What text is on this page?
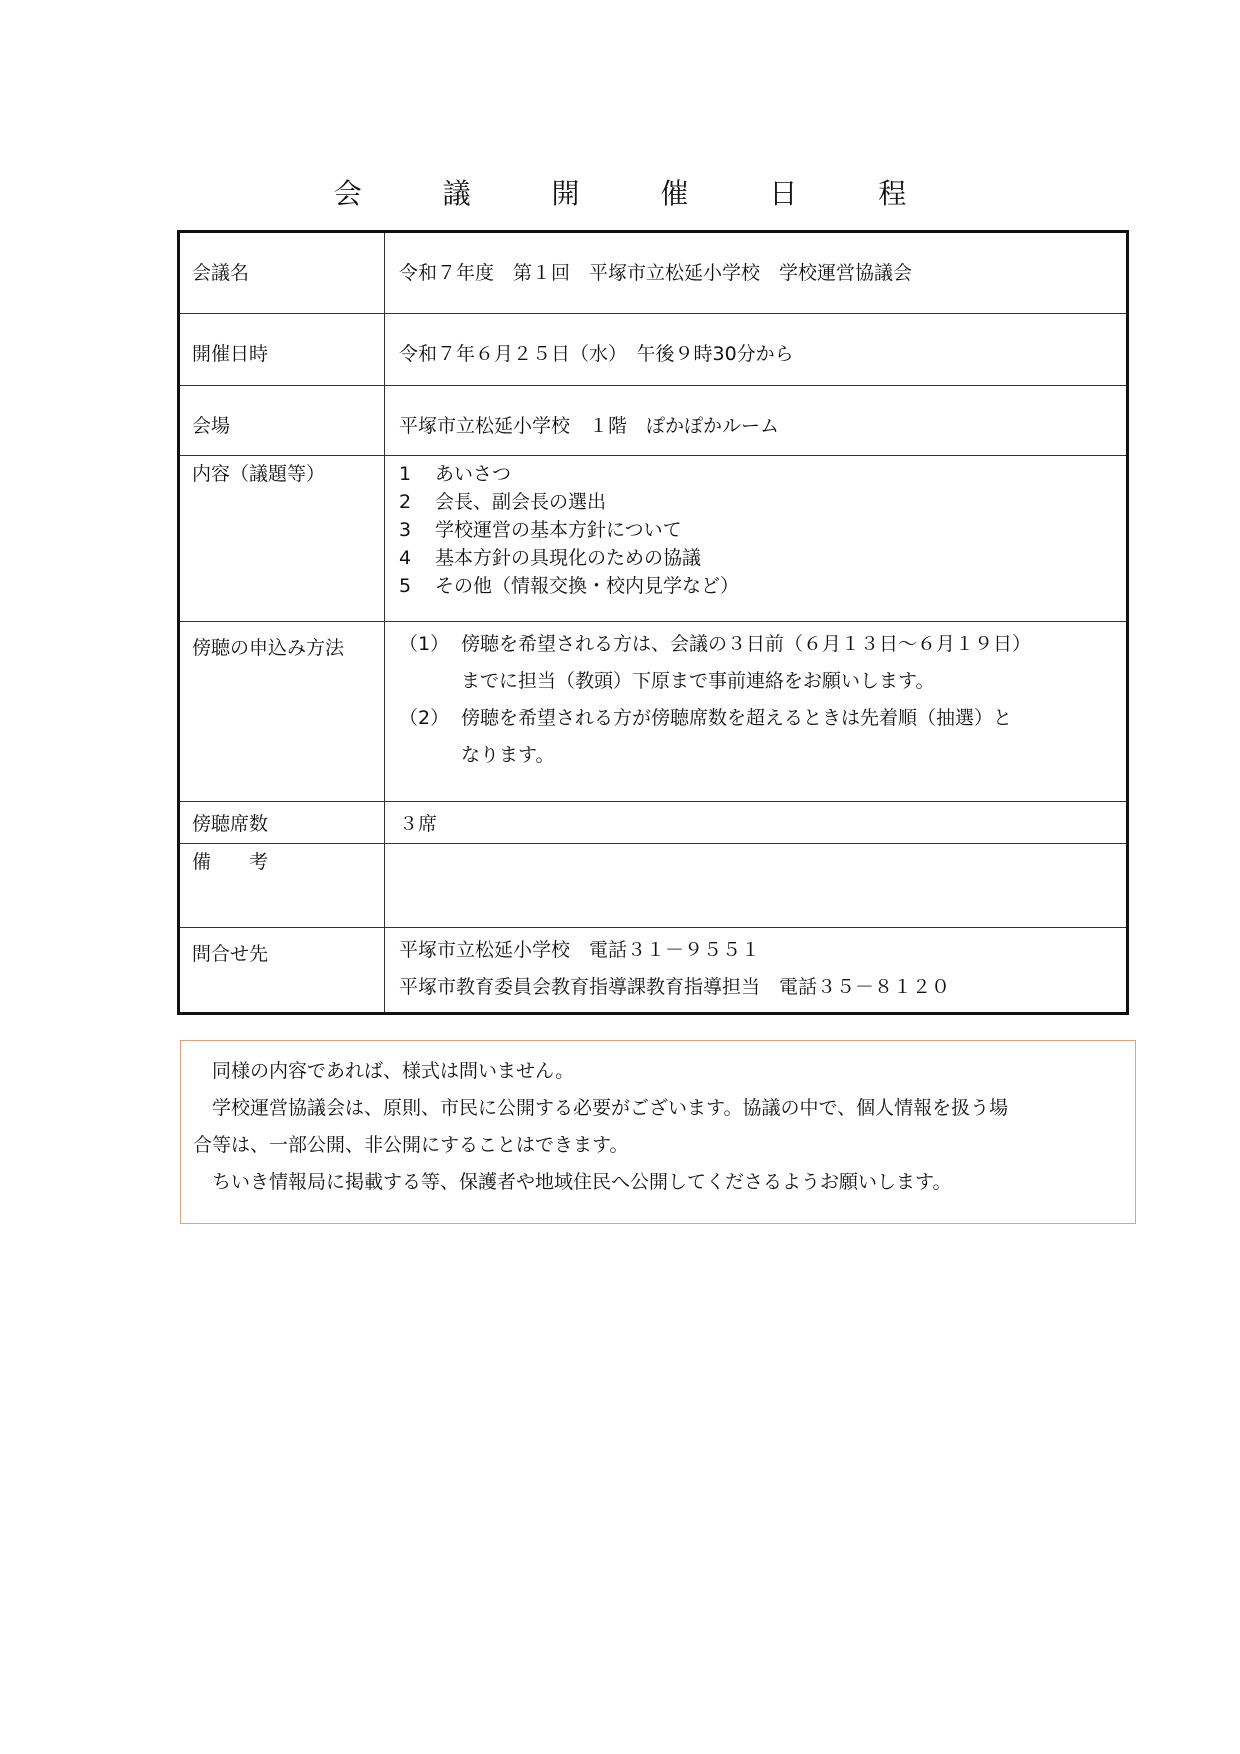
会 議 開 催 日 程
会議名	令和７年度　第１回　平塚市立松延小学校　学校運営協議会
開催日時	令和７年６月２５日（水）　午後９時30分から
会場	平塚市立松延小学校　１階　ぽかぽかルーム
内容（議題等）	1 あいさつ
2 会長、副会長の選出
3 学校運営の基本方針について
4 基本方針の具現化のための協議
5 その他（情報交換・校内見学など）

傍聴の申込み方法	（1） 傍聴を希望される方は、会議の３日前（６月１３日～６月１９日）
までに担当（教頭）下原まで事前連絡をお願いします。
（2） 傍聴を希望される方が傍聴席数を超えるときは先着順（抽選）と
なります。

傍聴席数	３席
備　　考	
問合せ先	平塚市立松延小学校　電話３１－９５５１
平塚市教育委員会教育指導課教育指導担当　電話３５－８１２０
同様の内容であれば、様式は問いません。
学校運営協議会は、原則、市民に公開する必要がございます。協議の中で、個人情報を扱う場
合等は、一部公開、非公開にすることはできます。
ちいき情報局に掲載する等、保護者や地域住民へ公開してくださるようお願いします。
